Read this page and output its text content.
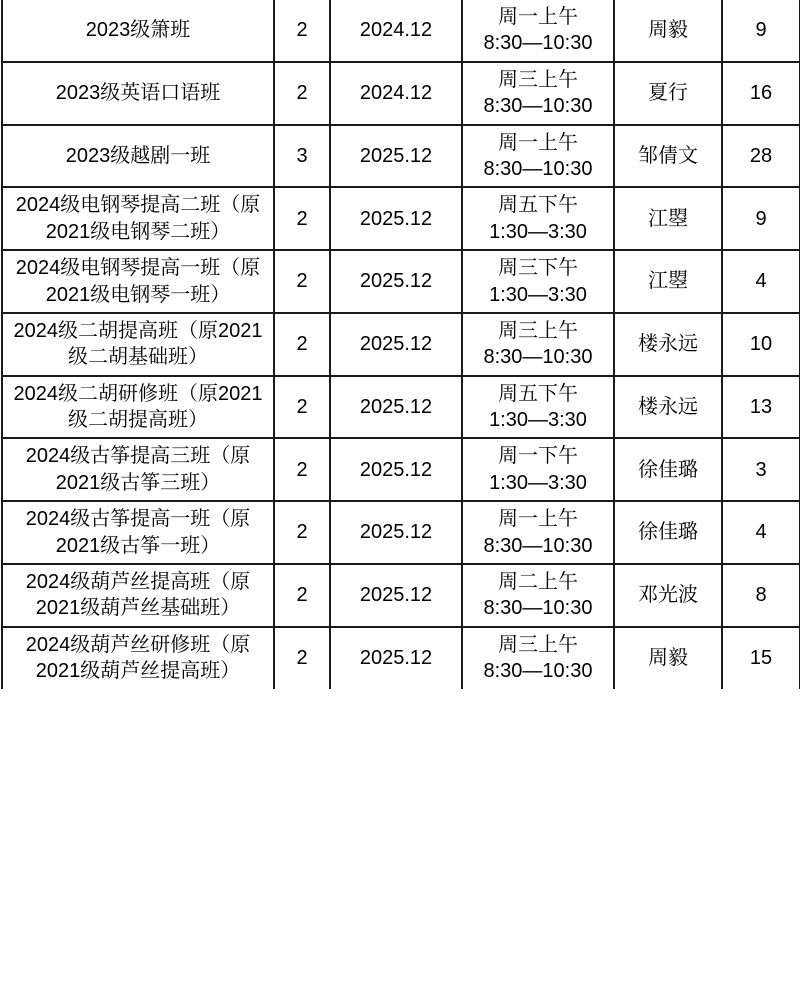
2023级箫班	2	2024.12	周一上午
8:30—10:30	周毅	9

2023级英语口语班	2	2024.12	周三上午
8:30—10:30	夏行	16

2023级越剧一班	3	2025.12	周一上午
8:30—10:30	邹倩文	28

2024级电钢琴提高二班（原2021级电钢琴二班）	2	2025.12	周五下午
1:30—3:30	江曌	9

2024级电钢琴提高一班（原2021级电钢琴一班）	2	2025.12	周三下午
1:30—3:30	江曌	4

2024级二胡提高班（原2021级二胡基础班）	2	2025.12	周三上午
8:30—10:30	楼永远	10

2024级二胡研修班（原2021级二胡提高班）	2	2025.12	周五下午
1:30—3:30	楼永远	13

2024级古筝提高三班（原2021级古筝三班）	2	2025.12	周一下午
1:30—3:30	徐佳璐	3

2024级古筝提高一班（原2021级古筝一班）	2	2025.12	周一上午
8:30—10:30	徐佳璐	4

2024级葫芦丝提高班（原2021级葫芦丝基础班）	2	2025.12	周二上午
8:30—10:30	邓光波	8

2024级葫芦丝研修班（原2021级葫芦丝提高班）	2	2025.12	周三上午
8:30—10:30	周毅	15
